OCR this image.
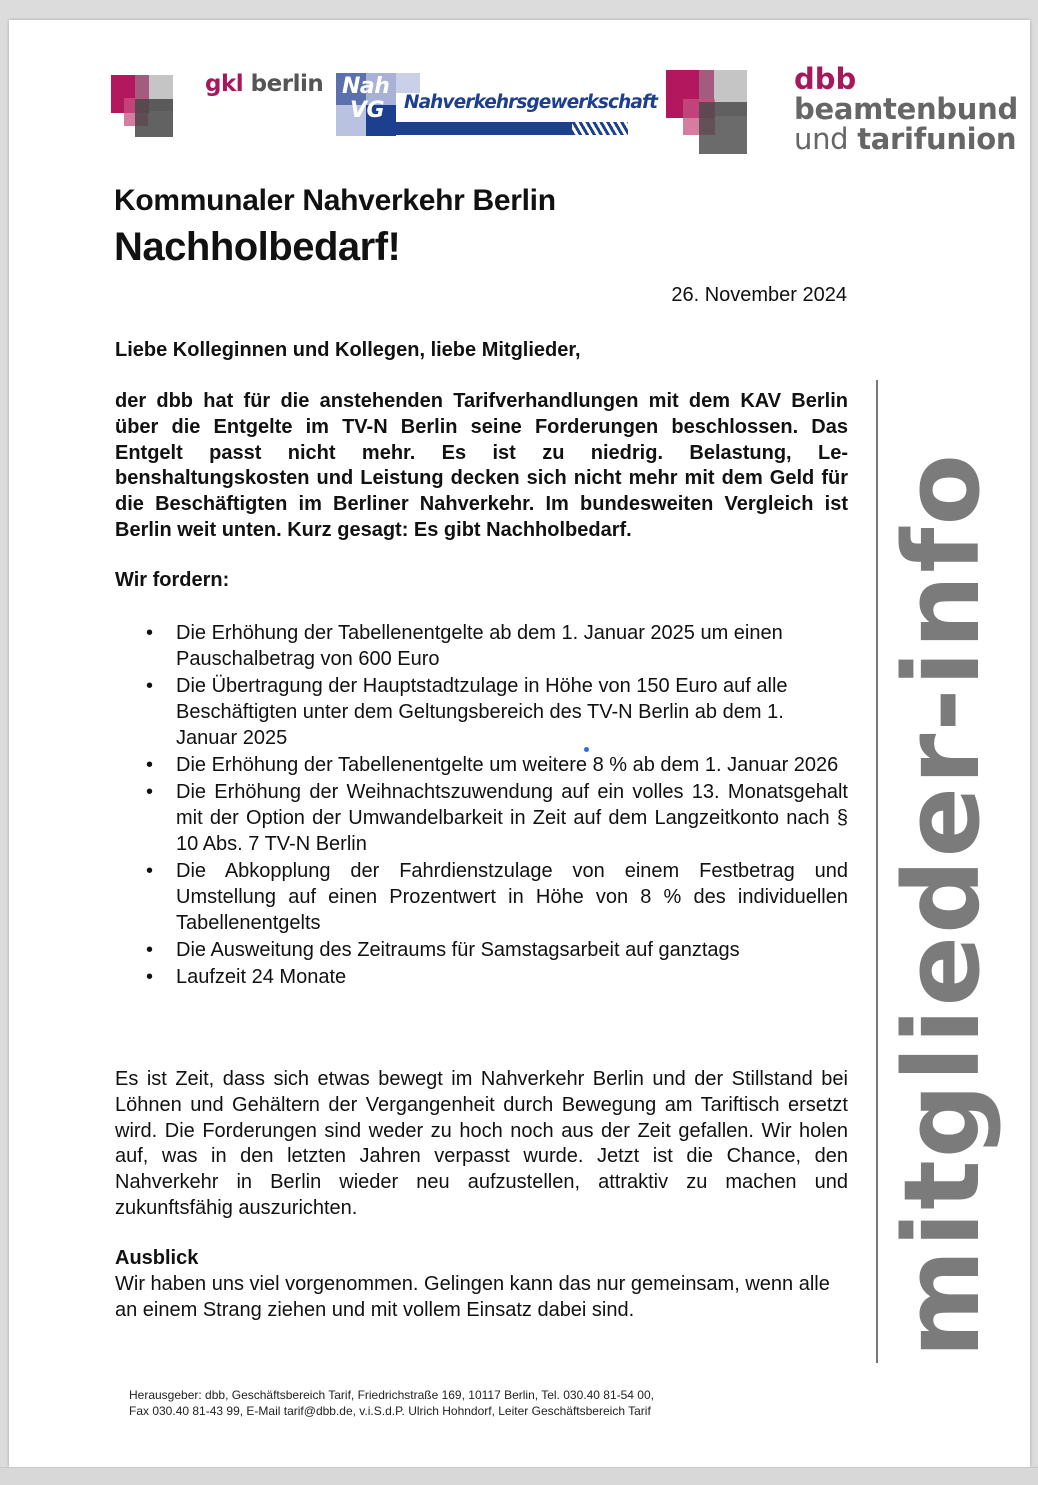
gkl berlin Nah
VG Nahverkehrsgewerkschaft
dbb
beamtenbund
und tarifunion
Kommunaler Nahverkehr Berlin
Nachholbedarf!
26. November 2024
Liebe Kolleginnen und Kollegen, liebe Mitglieder,
der dbb hat für die anstehenden Tarifverhandlungen mit dem KAV Berlin über die Entgelte im TV-N Berlin seine Forderungen beschlossen. Das Entgelt passt nicht mehr. Es ist zu niedrig. Belastung, Lebenshaltungskosten und Leistung decken sich nicht mehr mit dem Geld für die Beschäftigten im Berliner Nahverkehr. Im bundesweiten Vergleich ist Berlin weit unten. Kurz gesagt: Es gibt Nachholbedarf.
Wir fordern:
• Die Erhöhung der Tabellenentgelte ab dem 1. Januar 2025 um einen Pauschalbetrag von 600 Euro
• Die Übertragung der Hauptstadtzulage in Höhe von 150 Euro auf alle Beschäftigten unter dem Geltungsbereich des TV-N Berlin ab dem 1. Januar 2025
• Die Erhöhung der Tabellenentgelte um weitere 8 % ab dem 1. Januar 2026
• Die Erhöhung der Weihnachtszuwendung auf ein volles 13. Monatsgehalt mit der Option der Umwandelbarkeit in Zeit auf dem Langzeitkonto nach § 10 Abs. 7 TV-N Berlin
• Die Abkopplung der Fahrdienstzulage von einem Festbetrag und Umstellung auf einen Prozentwert in Höhe von 8 % des individuellen Tabellenentgelts
• Die Ausweitung des Zeitraums für Samstagsarbeit auf ganztags
• Laufzeit 24 Monate
Es ist Zeit, dass sich etwas bewegt im Nahverkehr Berlin und der Stillstand bei Löhnen und Gehältern der Vergangenheit durch Bewegung am Tariftisch ersetzt wird. Die Forderungen sind weder zu hoch noch aus der Zeit gefallen. Wir holen auf, was in den letzten Jahren verpasst wurde. Jetzt ist die Chance, den Nahverkehr in Berlin wieder neu aufzustellen, attraktiv zu machen und zukunftsfähig auszurichten.
Ausblick
Wir haben uns viel vorgenommen. Gelingen kann das nur gemeinsam, wenn alle an einem Strang ziehen und mit vollem Einsatz dabei sind.	mitglieder-info
Herausgeber: dbb, Geschäftsbereich Tarif, Friedrichstraße 169, 10117 Berlin, Tel. 030.40 81-54 00,
Fax 030.40 81-43 99, E-Mail tarif@dbb.de, v.i.S.d.P. Ulrich Hohndorf, Leiter Geschäftsbereich Tarif
